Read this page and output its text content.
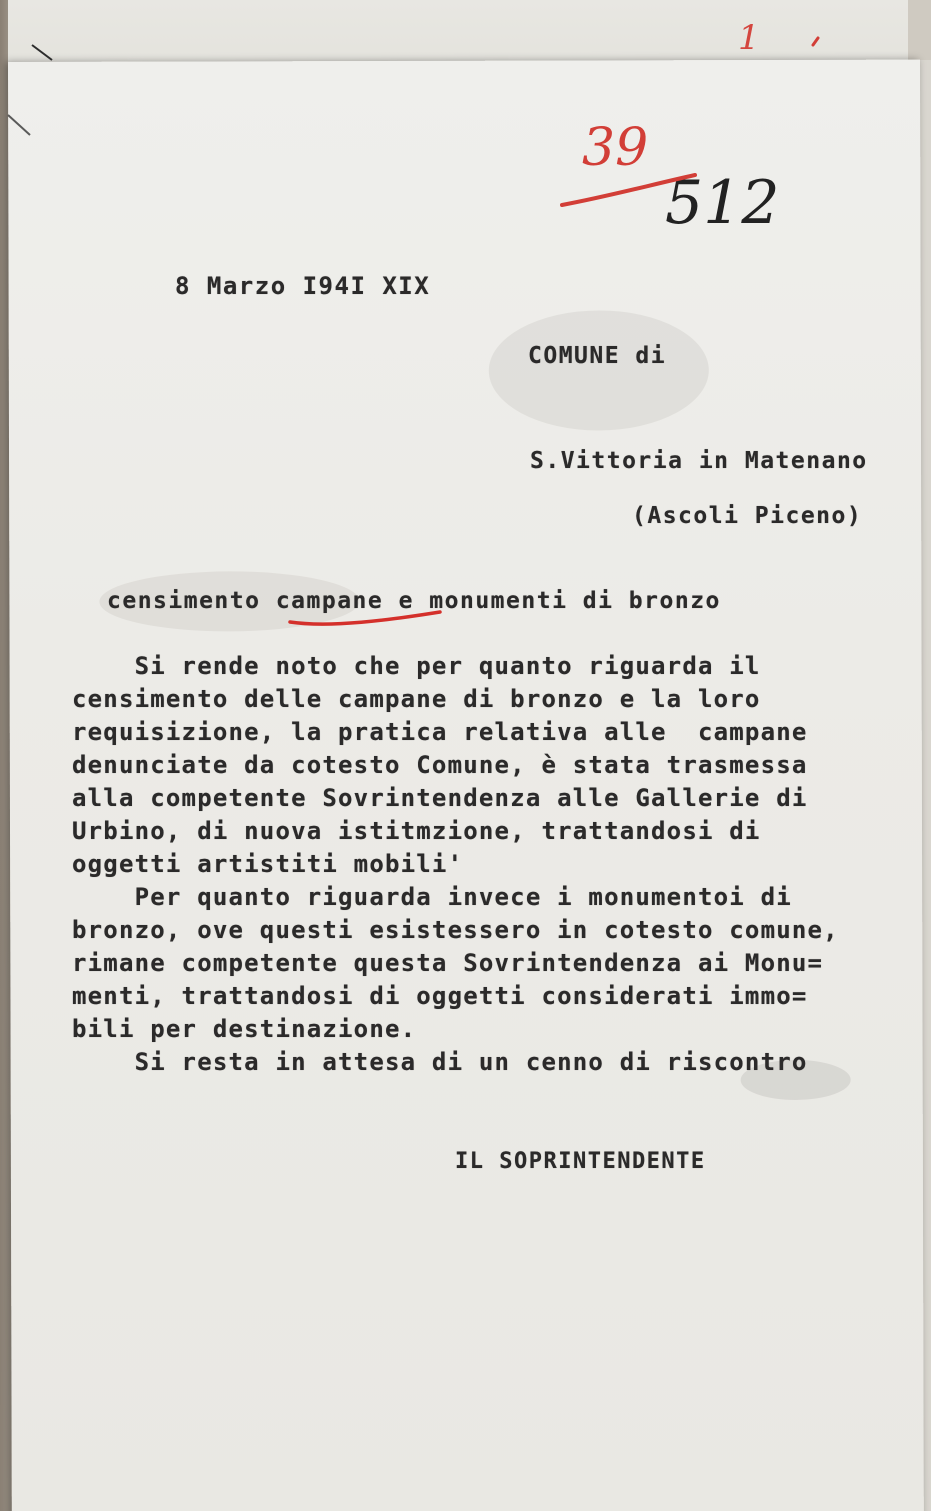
8 Marzo I94I XIX
COMUNE di
S.Vittoria in Matenano
(Ascoli Piceno)
censimento campane e monumenti di bronzo
Si rende noto che per quanto riguarda il
censimento delle campane di bronzo e la loro
requisizione, la pratica relativa alle  campane
denunciate da cotesto Comune, è stata trasmessa
alla competente Sovrintendenza alle Gallerie di
Urbino, di nuova istitmzione, trattandosi di
oggetti artistiti mobili'
Per quanto riguarda invece i monumentoi di
bronzo, ove questi esistessero in cotesto comune,
rimane competente questa Sovrintendenza ai Monu=
menti, trattandosi di oggetti considerati immo=
bili per destinazione.
Si resta in attesa di un cenno di riscontro
IL SOPRINTENDENTE
1
39
512
